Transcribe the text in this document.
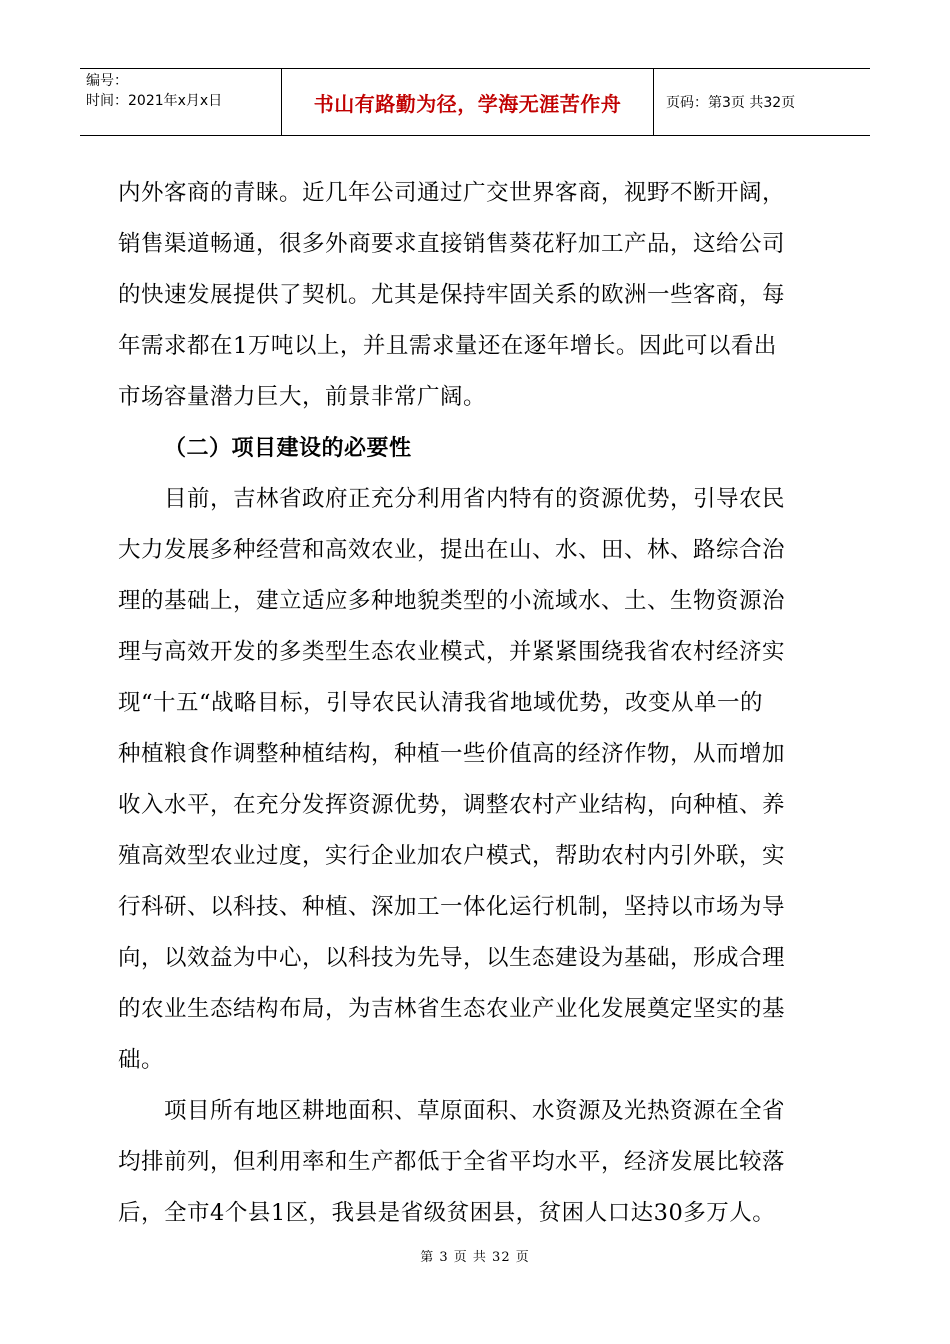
编号：
时间：2021年x月x日	书山有路勤为径，学海无涯苦作舟	页码：第3页 共32页
内外客商的青睐。近几年公司通过广交世界客商，视野不断开阔，
销售渠道畅通，很多外商要求直接销售葵花籽加工产品，这给公司
的快速发展提供了契机。尤其是保持牢固关系的欧洲一些客商，每
年需求都在1万吨以上，并且需求量还在逐年增长。因此可以看出
市场容量潜力巨大，前景非常广阔。
（二）项目建设的必要性
目前，吉林省政府正充分利用省内特有的资源优势，引导农民
大力发展多种经营和高效农业，提出在山、水、田、林、路综合治
理的基础上，建立适应多种地貌类型的小流域水、土、生物资源治
理与高效开发的多类型生态农业模式，并紧紧围绕我省农村经济实
现“十五“战略目标，引导农民认清我省地域优势，改变从单一的
种植粮食作调整种植结构，种植一些价值高的经济作物，从而增加
收入水平，在充分发挥资源优势，调整农村产业结构，向种植、养
殖高效型农业过度，实行企业加农户模式，帮助农村内引外联，实
行科研、以科技、种植、深加工一体化运行机制，坚持以市场为导
向，以效益为中心，以科技为先导，以生态建设为基础，形成合理
的农业生态结构布局，为吉林省生态农业产业化发展奠定坚实的基
础。
项目所有地区耕地面积、草原面积、水资源及光热资源在全省
均排前列，但利用率和生产都低于全省平均水平，经济发展比较落
后，全市4个县1区，我县是省级贫困县，贫困人口达30多万人。
第 3 页 共 32 页
